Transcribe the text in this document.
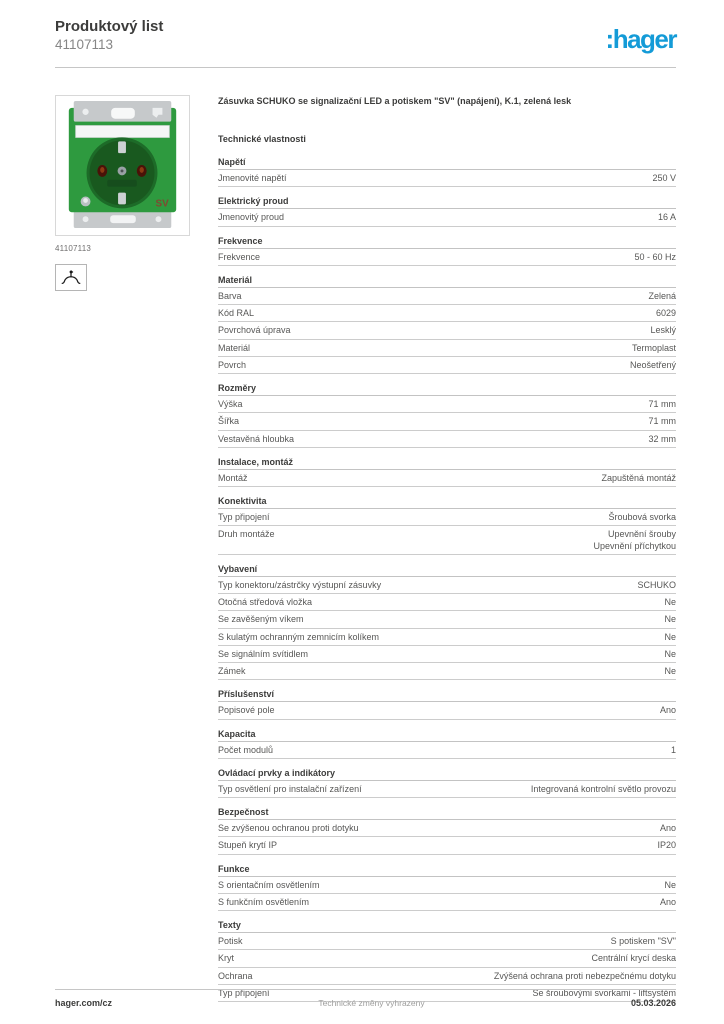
Produktový list
41107113	:hager
SV
41107113
Zásuvka SCHUKO se signalizační LED a potiskem "SV" (napájení), K.1, zelená lesk
Technické vlastnosti
Napětí
Jmenovité napětí	250 V
Elektrický proud
Jmenovitý proud	16 A
Frekvence
Frekvence	50 - 60 Hz
Materiál
Barva	Zelená
Kód RAL	6029
Povrchová úprava	Lesklý
Materiál	Termoplast
Povrch	Neošetřený
Rozměry
Výška	71 mm
Šířka	71 mm
Vestavěná hloubka	32 mm
Instalace, montáž
Montáž	Zapuštěná montáž
Konektivita
Typ připojení	Šroubová svorka
Druh montáže	Upevnění šrouby
Upevnění příchytkou
Vybavení
Typ konektoru/zástrčky výstupní zásuvky	SCHUKO
Otočná středová vložka	Ne
Se zavěšeným víkem	Ne
S kulatým ochranným zemnicím kolíkem	Ne
Se signálním svítidlem	Ne
Zámek	Ne
Příslušenství
Popisové pole	Ano
Kapacita
Počet modulů	1
Ovládací prvky a indikátory
Typ osvětlení pro instalační zařízení	Integrovaná kontrolní světlo provozu
Bezpečnost
Se zvýšenou ochranou proti dotyku	Ano
Stupeň krytí IP	IP20
Funkce
S orientačním osvětlením	Ne
S funkčním osvětlením	Ano
Texty
Potisk	S potiskem "SV"
Kryt	Centrální krycí deska
Ochrana	Zvýšená ochrana proti nebezpečnému dotyku
Typ připojení	Se šroubovými svorkami - liftsystém
hager.com/cz	Technické změny vyhrazeny	05.03.2026
